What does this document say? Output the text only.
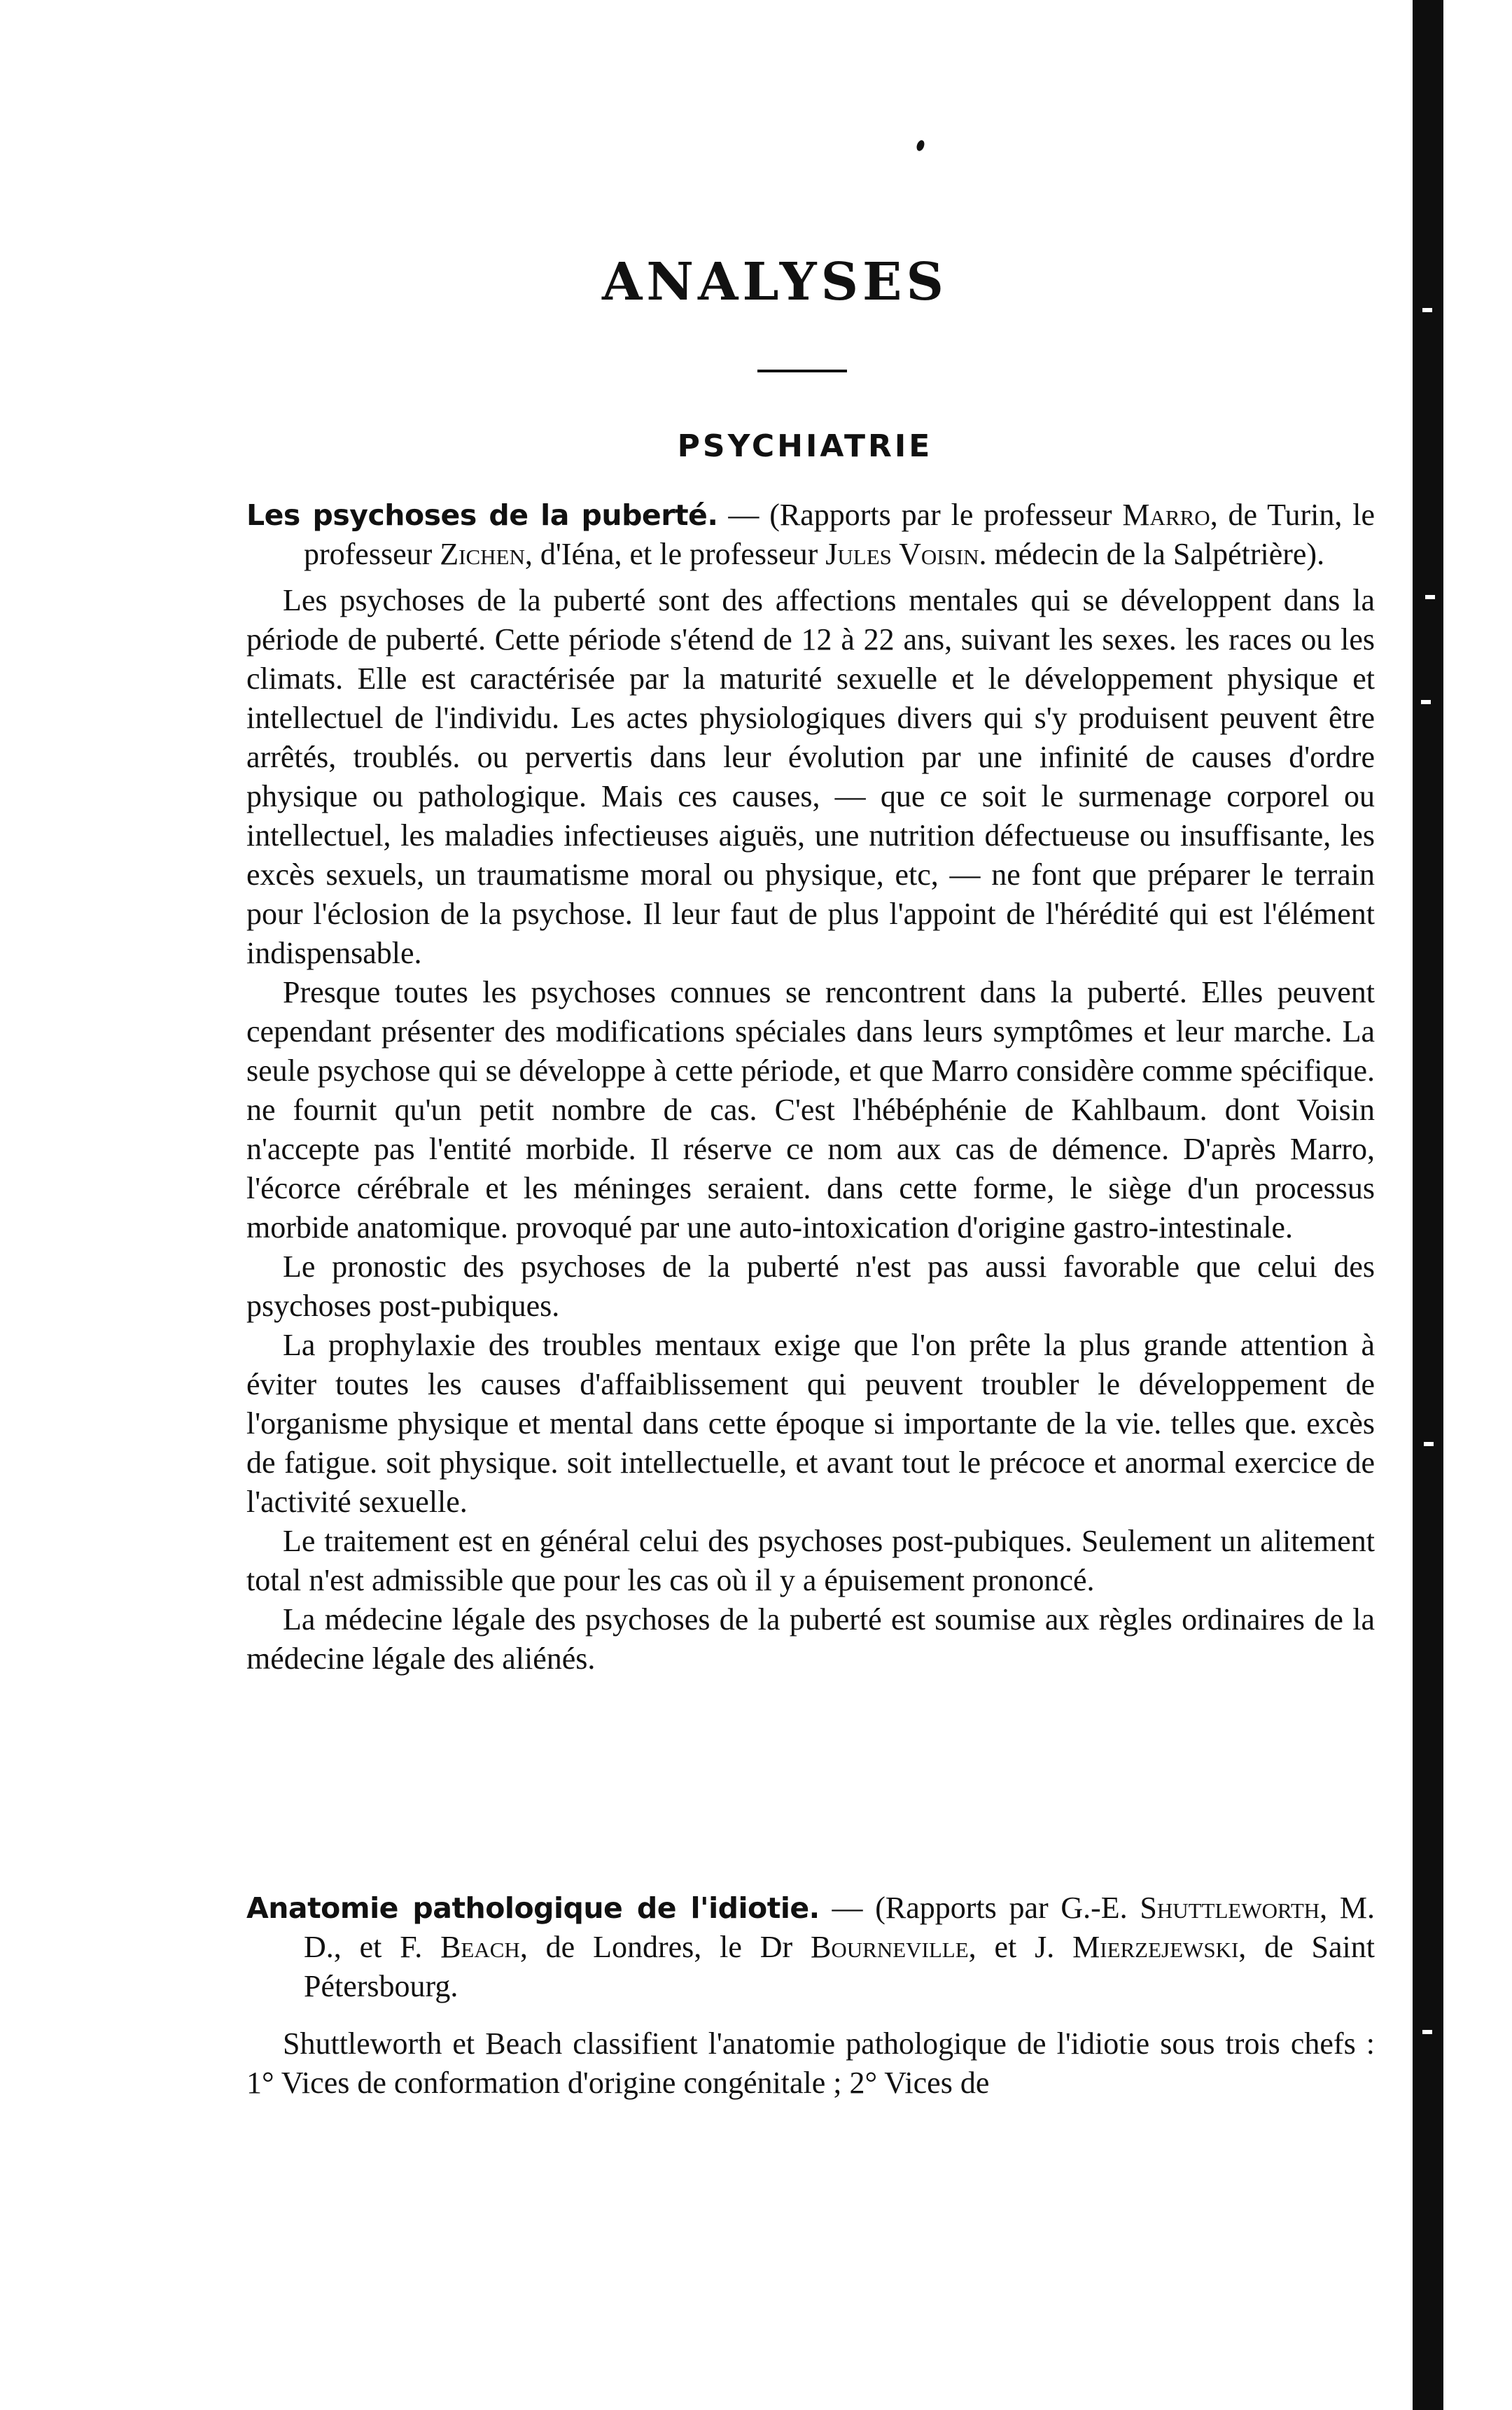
ANALYSES
PSYCHIATRIE

Les psychoses de la puberté. — (Rapports par le professeur Marro, de Turin, le professeur Zichen, d'Iéna, et le professeur Jules Voisin. médecin de la Salpétrière).

Les psychoses de la puberté sont des affections mentales qui se développent dans la période de puberté. Cette période s'étend de 12 à 22 ans, suivant les sexes. les races ou les climats. Elle est caractérisée par la maturité sexuelle et le développement physique et intellectuel de l'individu. Les actes physiologiques divers qui s'y produisent peuvent être arrêtés, troublés. ou pervertis dans leur évolution par une infinité de causes d'ordre physique ou pathologique. Mais ces causes, — que ce soit le surmenage corporel ou intellectuel, les maladies infectieuses aiguës, une nutrition défectueuse ou insuffisante, les excès sexuels, un traumatisme moral ou physique, etc, — ne font que préparer le terrain pour l'éclosion de la psychose. Il leur faut de plus l'appoint de l'hérédité qui est l'élément indispensable.

Presque toutes les psychoses connues se rencontrent dans la puberté. Elles peuvent cependant présenter des modifications spéciales dans leurs symptômes et leur marche. La seule psychose qui se développe à cette période, et que Marro considère comme spécifique. ne fournit qu'un petit nombre de cas. C'est l'hébéphénie de Kahlbaum. dont Voisin n'accepte pas l'entité morbide. Il réserve ce nom aux cas de démence. D'après Marro, l'écorce cérébrale et les méninges seraient. dans cette forme, le siège d'un processus morbide anatomique. provoqué par une auto-intoxication d'origine gastro-intestinale.

Le pronostic des psychoses de la puberté n'est pas aussi favorable que celui des psychoses post-pubiques.

La prophylaxie des troubles mentaux exige que l'on prête la plus grande attention à éviter toutes les causes d'affaiblissement qui peuvent troubler le développement de l'organisme physique et mental dans cette époque si importante de la vie. telles que. excès de fatigue. soit physique. soit intellectuelle, et avant tout le précoce et anormal exercice de l'activité sexuelle.

Le traitement est en général celui des psychoses post-pubiques. Seulement un alitement total n'est admissible que pour les cas où il y a épuisement prononcé.

La médecine légale des psychoses de la puberté est soumise aux règles ordinaires de la médecine légale des aliénés.

Anatomie pathologique de l'idiotie. — (Rapports par G.-E. Shuttleworth, M. D., et F. Beach, de Londres, le Dr Bourneville, et J. Mierzejewski, de Saint Pétersbourg.

Shuttleworth et Beach classifient l'anatomie pathologique de l'idiotie sous trois chefs : 1° Vices de conformation d'origine congénitale ; 2° Vices de
